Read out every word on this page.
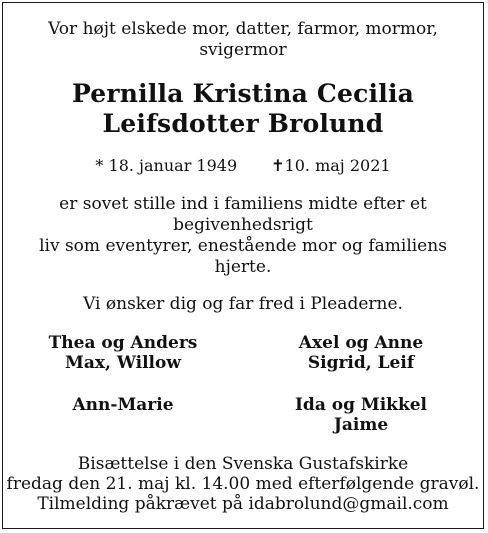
Vor højt elskede mor, datter, farmor, mormor,
svigermor
Pernilla Kristina Cecilia
Leifsdotter Brolund
* 18. januar 1949 ✝10. maj 2021
er sovet stille ind i familiens midte efter et
begivenhedsrigt
liv som eventyrer, enestående mor og familiens
hjerte.
Vi ønsker dig og far fred i Pleaderne.
Thea og Anders
Max, Willow
Axel og Anne
Sigrid, Leif
Ann-Marie	Ida og Mikkel
Jaime
Bisættelse i den Svenska Gustafskirke
fredag den 21. maj kl. 14.00 med efterfølgende gravøl.
Tilmelding påkrævet på idabrolund@gmail.com
